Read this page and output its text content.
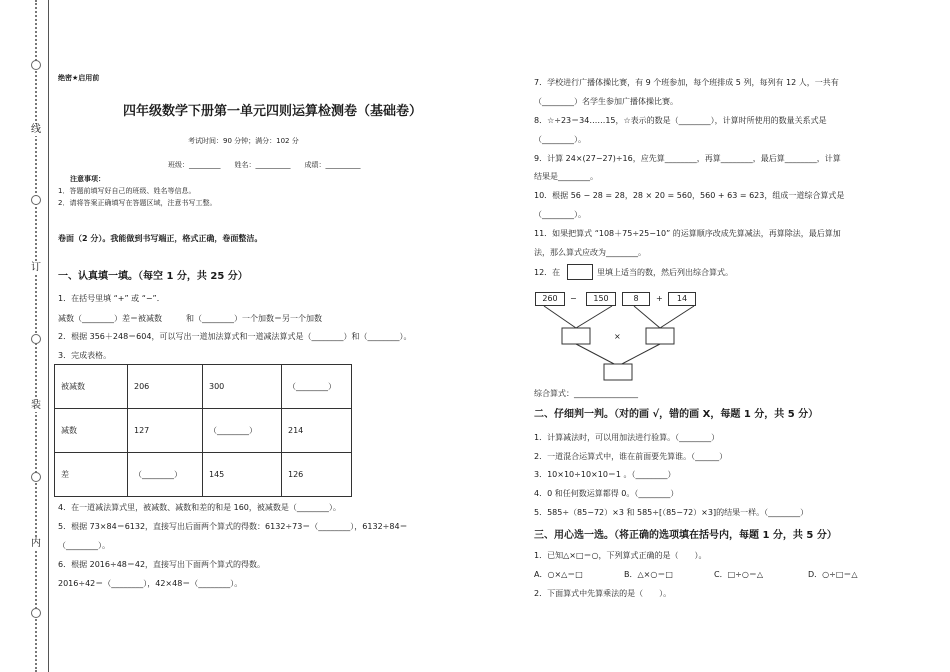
线
订
装
内
绝密★启用前
四年级数学下册第一单元四则运算检测卷（基础卷）
考试时间：90 分钟；满分：102 分
班级：_________　　姓名：__________　　成绩：__________
注意事项：
1．答题前填写好自己的班级、姓名等信息。
2．请将答案正确填写在答题区域，注意书写工整。
卷面（2 分）。我能做到书写端正，格式正确，卷面整洁。
一、认真填一填。（每空 1 分，共 25 分）
1．在括号里填 “+” 或 “−”．
减数（________）差＝被减数　　　和（________）一个加数＝另一个加数
2．根据 356＋248＝604，可以写出一道加法算式和一道减法算式是（________）和（________）。
3．完成表格。
被减数	206	300	（________）
减数	127	（________）	214
差	（________）	145	126
4．在一道减法算式里，被减数、减数和差的和是 160，被减数是（________）。
5．根据 73×84＝6132，直接写出后面两个算式的得数：6132÷73＝（________），6132÷84＝
（________）。
6．根据 2016÷48＝42，直接写出下面两个算式的得数。
2016÷42＝（________），42×48＝（________）。
7．学校进行广播体操比赛，有 9 个班参加，每个班排成 5 列，每列有 12 人，一共有
（________）名学生参加广播体操比赛。
8．☆÷23＝34……15，☆表示的数是（________），计算时所使用的数量关系式是
（________）。
9．计算 24×(27−27)÷16，应先算________，再算________，最后算________，计算
结果是________。
10．根据 56 − 28 = 28，28 × 20 = 560，560 + 63 = 623，组成一道综合算式是
（________）。
11．如果把算式 “108＋75÷25−10” 的运算顺序改成先算减法，再算除法，最后算加
法，那么算式应改为________。
12．在	里填上适当的数，然后列出综合算式。
260	−	150	8	+	14
×
综合算式：________________
二、仔细判一判。（对的画 √，错的画 X，每题 1 分，共 5 分）
1．计算减法时，可以用加法进行验算。（________）
2．一道混合运算式中，谁在前面要先算谁。（______）
3．10×10÷10×10＝1 。（________）
4．0 和任何数运算都得 0。（________）
5．585÷（85−72）×3 和 585÷[（85−72）×3]的结果一样。（________）
三、用心选一选。（将正确的选项填在括号内，每题 1 分，共 5 分）
1．已知△×□＝○，下列算式正确的是（　　）。
A．○×△＝□	B．△×○＝□	C．□÷○＝△	D．○÷□＝△
2．下面算式中先算乘法的是（　　）。
